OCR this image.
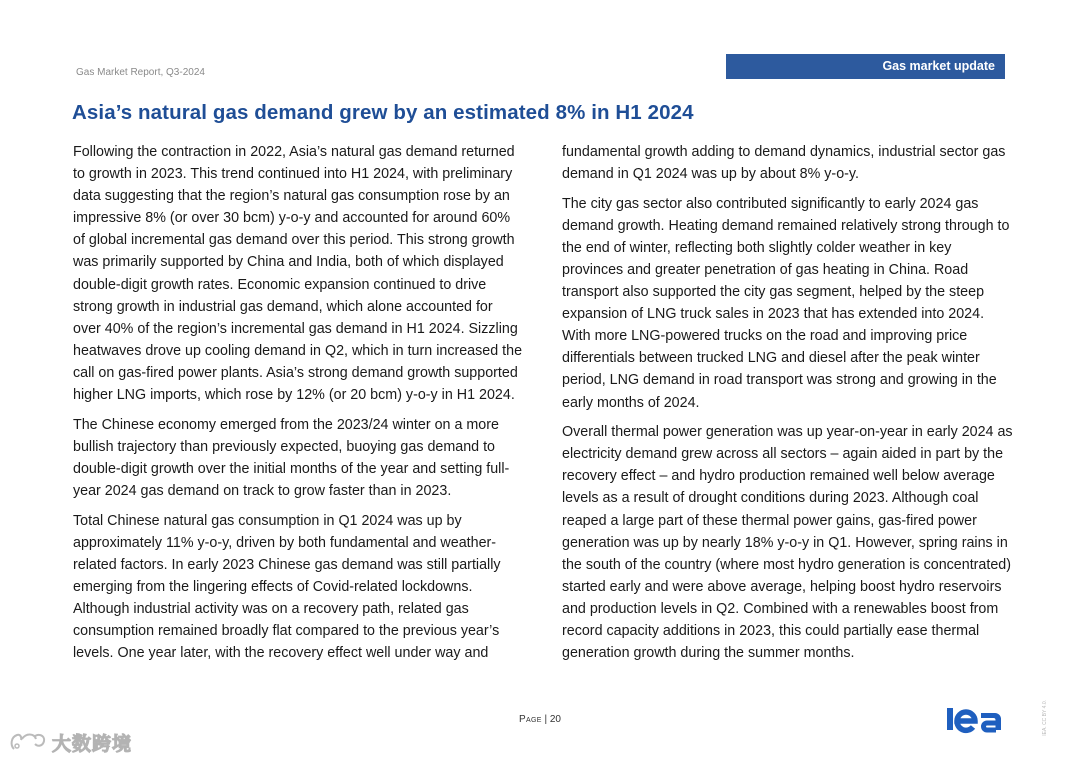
Gas Market Report, Q3-2024	Gas market update
Asia’s natural gas demand grew by an estimated 8% in H1 2024

Following the contraction in 2022, Asia’s natural gas demand returned to growth in 2023. This trend continued into H1 2024, with preliminary data suggesting that the region’s natural gas consumption rose by an impressive 8% (or over 30 bcm) y-o-y and accounted for around 60% of global incremental gas demand over this period. This strong growth was primarily supported by China and India, both of which displayed double-digit growth rates. Economic expansion continued to drive strong growth in industrial gas demand, which alone accounted for over 40% of the region’s incremental gas demand in H1 2024. Sizzling heatwaves drove up cooling demand in Q2, which in turn increased the call on gas-fired power plants. Asia’s strong demand growth supported higher LNG imports, which rose by 12% (or 20 bcm) y-o-y in H1 2024.

The Chinese economy emerged from the 2023/24 winter on a more bullish trajectory than previously expected, buoying gas demand to double-digit growth over the initial months of the year and setting full-year 2024 gas demand on track to grow faster than in 2023.

Total Chinese natural gas consumption in Q1 2024 was up by approximately 11% y-o-y, driven by both fundamental and weather-related factors. In early 2023 Chinese gas demand was still partially emerging from the lingering effects of Covid-related lockdowns. Although industrial activity was on a recovery path, related gas consumption remained broadly flat compared to the previous year’s levels. One year later, with the recovery effect well under way and

fundamental growth adding to demand dynamics, industrial sector gas demand in Q1 2024 was up by about 8% y-o-y.

The city gas sector also contributed significantly to early 2024 gas demand growth. Heating demand remained relatively strong through to the end of winter, reflecting both slightly colder weather in key provinces and greater penetration of gas heating in China. Road transport also supported the city gas segment, helped by the steep expansion of LNG truck sales in 2023 that has extended into 2024. With more LNG-powered trucks on the road and improving price differentials between trucked LNG and diesel after the peak winter period, LNG demand in road transport was strong and growing in the early months of 2024.

Overall thermal power generation was up year-on-year in early 2024 as electricity demand grew across all sectors – again aided in part by the recovery effect – and hydro production remained well below average levels as a result of drought conditions during 2023. Although coal reaped a large part of these thermal power gains, gas-fired power generation was up by nearly 18% y-o-y in Q1. However, spring rains in the south of the country (where most hydro generation is concentrated) started early and were above average, helping boost hydro reservoirs and production levels in Q2. Combined with a renewables boost from record capacity additions in 2023, this could partially ease thermal generation growth during the summer months.

Page | 20	IEA. CC BY 4.0.
大数跨境
